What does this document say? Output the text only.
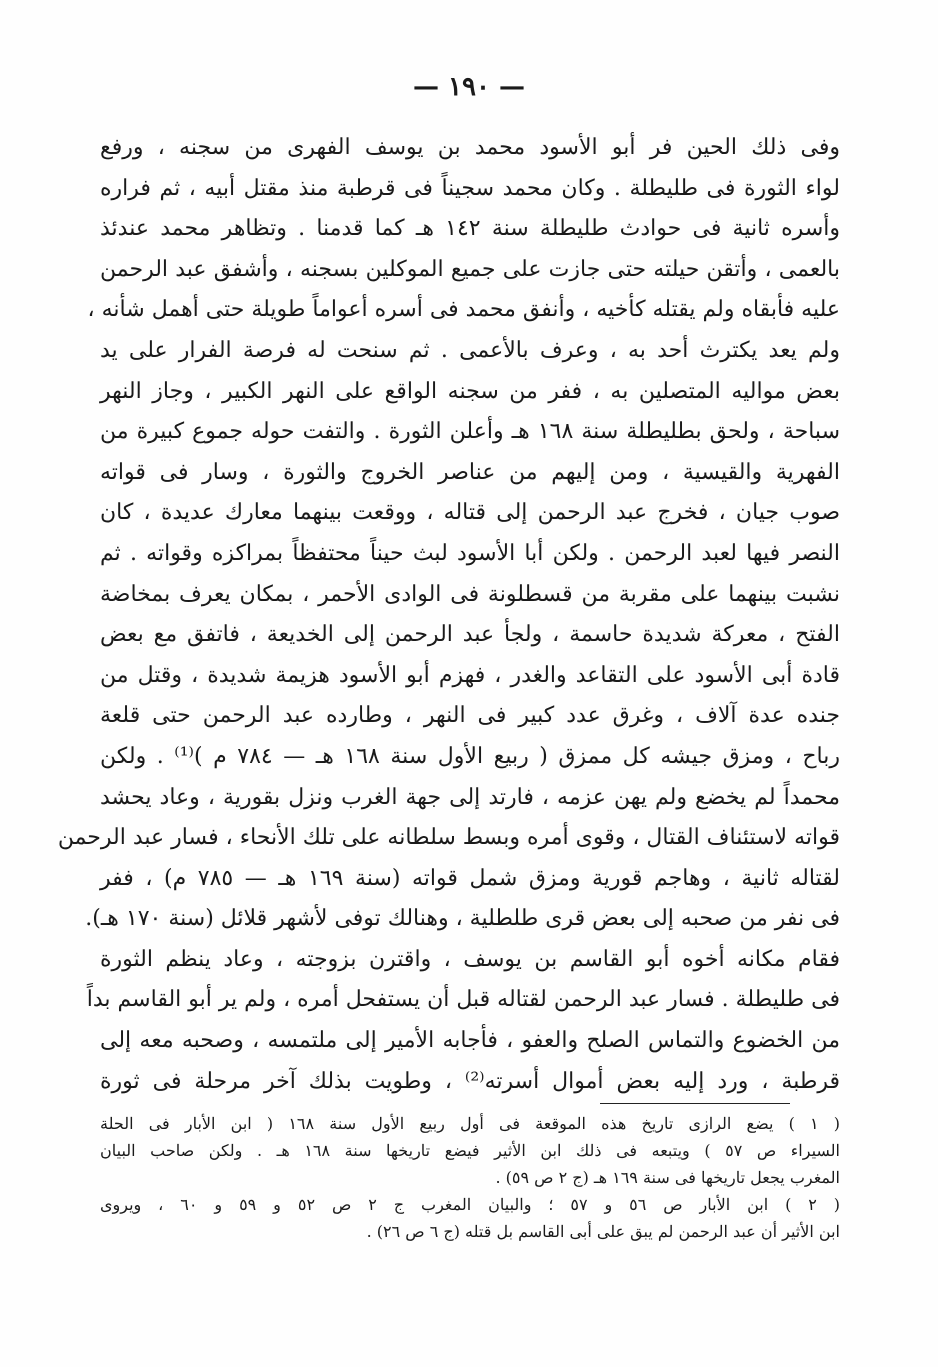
— ١٩٠ —
وفى ذلك الحين فر أبو الأسود محمد بن يوسف الفهرى من سجنه ، ورفع
لواء الثورة فى طليطلة . وكان محمد سجيناً فى قرطبة منذ مقتل أبيه ، ثم فراره
وأسره ثانية فى حوادث طليطلة سنة ١٤٢ هـ كما قدمنا . وتظاهر محمد عندئذ
بالعمى ، وأتقن حيلته حتى جازت على جميع الموكلين بسجنه ، وأشفق عبد الرحمن
عليه فأبقاه ولم يقتله كأخيه ، وأنفق محمد فى أسره أعواماً طويلة حتى أهمل شأنه ،
ولم يعد يكترث أحد به ، وعرف بالأعمى . ثم سنحت له فرصة الفرار على يد
بعض مواليه المتصلين به ، ففر من سجنه الواقع على النهر الكبير ، وجاز النهر
سباحة ، ولحق بطليطلة سنة ١٦٨ هـ وأعلن الثورة . والتفت حوله جموع كبيرة من
الفهرية والقيسية ، ومن إليهم من عناصر الخروج والثورة ، وسار فى قواته
صوب جيان ، فخرج عبد الرحمن إلى قتاله ، ووقعت بينهما معارك عديدة ، كان
النصر فيها لعبد الرحمن . ولكن أبا الأسود لبث حيناً محتفظاً بمراكزه وقواته . ثم
نشبت بينهما على مقربة من قسطلونة فى الوادى الأحمر ، بمكان يعرف بمخاضة
الفتح ، معركة شديدة حاسمة ، ولجأ عبد الرحمن إلى الخديعة ، فاتفق مع بعض
قادة أبى الأسود على التقاعد والغدر ، فهزم أبو الأسود هزيمة شديدة ، وقتل من
جنده عدة آلاف ، وغرق عدد كبير فى النهر ، وطارده عبد الرحمن حتى قلعة
رباح ، ومزق جيشه كل ممزق ( ربيع الأول سنة ١٦٨ هـ — ٧٨٤ م )⁽¹⁾ . ولكن
محمداً لم يخضع ولم يهن عزمه ، فارتد إلى جهة الغرب ونزل بقورية ، وعاد يحشد
قواته لاستئناف القتال ، وقوى أمره وبسط سلطانه على تلك الأنحاء ، فسار عبد الرحمن
لقتاله ثانية ، وهاجم قورية ومزق شمل قواته (سنة ١٦٩ هـ — ٧٨٥ م) ، ففر
فى نفر من صحبه إلى بعض قرى طلطلية ، وهنالك توفى لأشهر قلائل (سنة ١٧٠ هـ).
فقام مكانه أخوه أبو القاسم بن يوسف ، واقترن بزوجته ، وعاد ينظم الثورة
فى طليطلة . فسار عبد الرحمن لقتاله قبل أن يستفحل أمره ، ولم ير أبو القاسم بداً
من الخضوع والتماس الصلح والعفو ، فأجابه الأمير إلى ملتمسه ، وصحبه معه إلى
قرطبة ، ورد إليه بعض أموال أسرته⁽²⁾ ، وطويت بذلك آخر مرحلة فى ثورة
( ١ ) يضع الرازى تاريخ هذه الموقعة فى أول ربيع الأول سنة ١٦٨ ( ابن الأبار فى الحلة
السيراء ص ٥٧ ) ويتبعه فى ذلك ابن الأثير فيضع تاريخها سنة ١٦٨ هـ . ولكن صاحب البيان
المغرب يجعل تاريخها فى سنة ١٦٩ هـ (ج ٢ ص ٥٩) .
( ٢ ) ابن الأبار ص ٥٦ و ٥٧ ؛ والبيان المغرب ج ٢ ص ٥٢ و ٥٩ و ٦٠ ، ويروى
ابن الأثير أن عبد الرحمن لم يبق على أبى القاسم بل قتله (ج ٦ ص ٢٦) .
